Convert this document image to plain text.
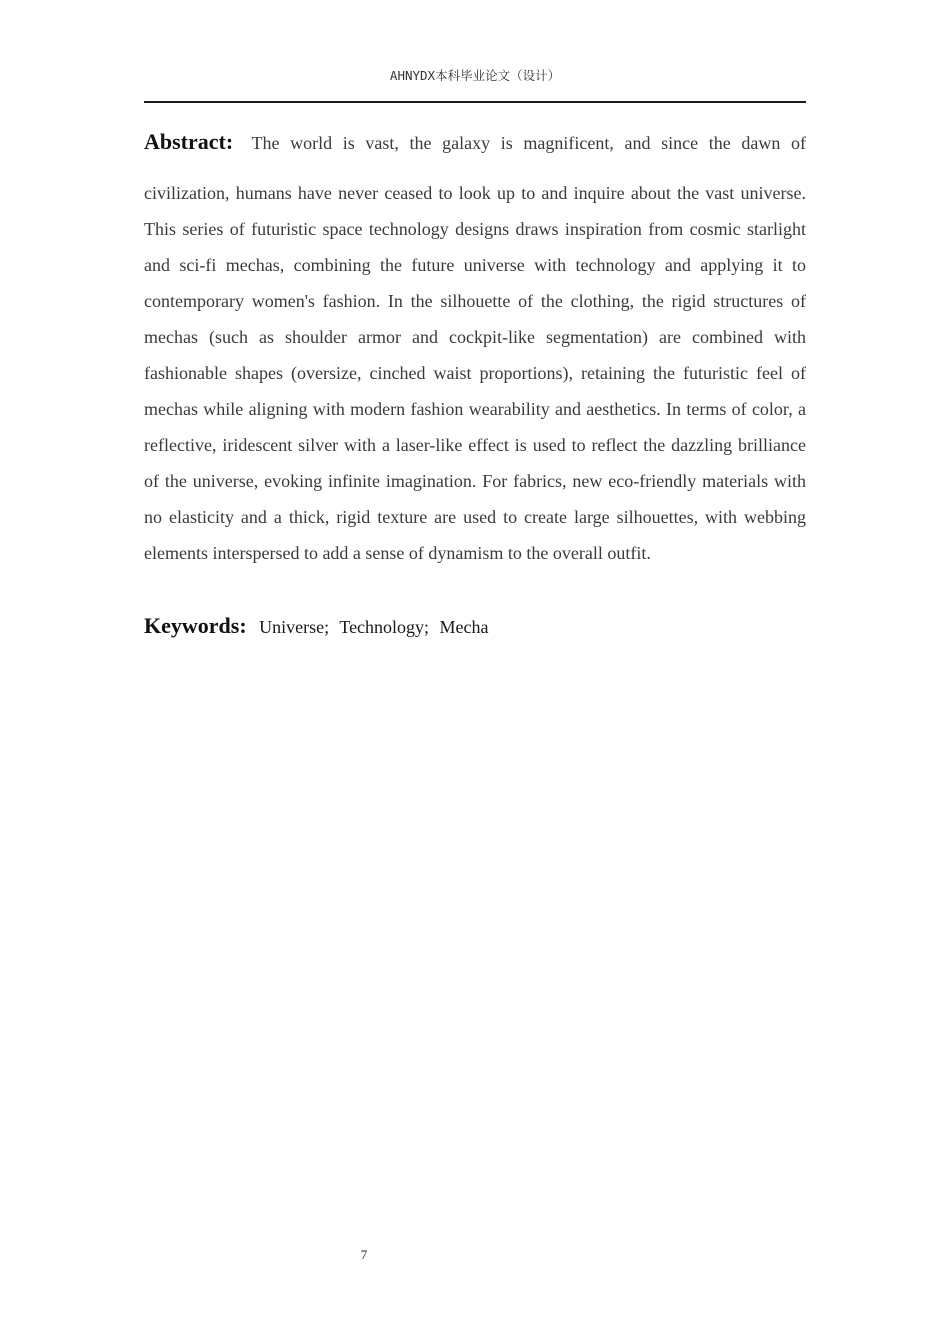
AHNYDX本科毕业论文（设计）
Abstract: The world is vast, the galaxy is magnificent, and since the dawn of
civilization, humans have never ceased to look up to and inquire about the vast universe. This series of futuristic space technology designs draws inspiration from cosmic starlight and sci-fi mechas, combining the future universe with technology and applying it to contemporary women's fashion. In the silhouette of the clothing, the rigid structures of mechas (such as shoulder armor and cockpit-like segmentation) are combined with fashionable shapes (oversize, cinched waist proportions), retaining the futuristic feel of mechas while aligning with modern fashion wearability and aesthetics. In terms of color, a reflective, iridescent silver with a laser-like effect is used to reflect the dazzling brilliance of the universe, evoking infinite imagination. For fabrics, new eco-friendly materials with no elasticity and a thick, rigid texture are used to create large silhouettes, with webbing elements interspersed to add a sense of dynamism to the overall outfit.
Keywords: Universe; Technology; Mecha
7
